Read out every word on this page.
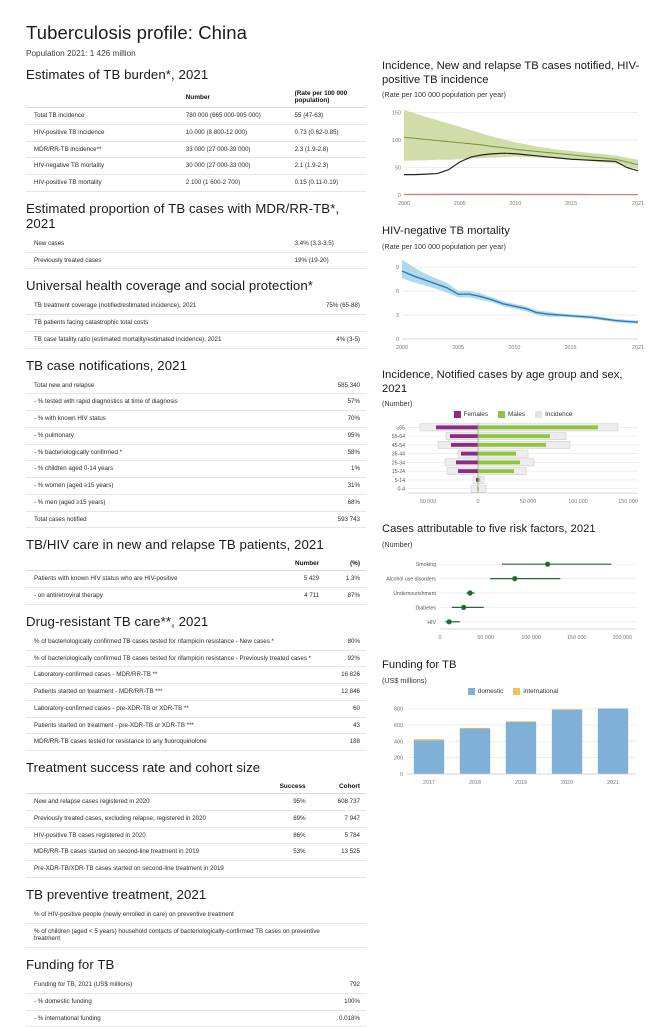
Tuberculosis profile: China
Population 2021: 1 426 million
Estimates of TB burden*, 2021
	Number	(Rate per 100 000 population)
Total TB incidence	780 000 (665 000-905 000)	55 (47-63)
HIV-positive TB incidence	10 000 (8 800-12 000)	0.73 (0.62-0.85)
MDR/RR-TB incidence**	33 000 (27 000-39 000)	2.3 (1.9-2.8)
HIV-negative TB mortality	30 000 (27 000-33 000)	2.1 (1.9-2.3)
HIV-positive TB mortality	2 100 (1 600-2 700)	0.15 (0.11-0.19)
Estimated proportion of TB cases with MDR/RR-TB*, 2021
New cases	3.4% (3.3-3.5)
Previously treated cases	19% (19-20)
Universal health coverage and social protection*
TB treatment coverage (notified/estimated incidence), 2021	75% (65-88)
TB patients facing catastrophic total costs	
TB case fatality ratio (estimated mortality/estimated incidence), 2021	4% (3-5)
TB case notifications, 2021
Total new and relapse	585 340
- % tested with rapid diagnostics at time of diagnosis	57%
- % with known HIV status	70%
- % pulmonary	95%
- % bacteriologically confirmed *	58%
- % children aged 0-14 years	1%
- % women (aged ≥15 years)	31%
- % men (aged ≥15 years)	68%
Total cases notified	593 743
TB/HIV care in new and relapse TB patients, 2021
	Number	(%)
Patients with known HIV status who are HIV-positive	5 429	1.3%
- on antiretroviral therapy	4 711	87%
Drug-resistant TB care**, 2021
% of bacteriologically confirmed TB cases tested for rifampicin resistance - New cases *	80%
% of bacteriologically confirmed TB cases tested for rifampicin resistance - Previously treated cases *	92%
Laboratory-confirmed cases - MDR/RR-TB **	16 826
Patients started on treatment - MDR/RR-TB ***	12 846
Laboratory-confirmed cases - pre-XDR-TB or XDR-TB **	60
Patients started on treatment - pre-XDR-TB or XDR-TB ***	43
MDR/RR-TB cases tested for resistance to any fluoroquinolone	188
Treatment success rate and cohort size
	Success	Cohort
New and relapse cases registered in 2020	95%	608 737
Previously treated cases, excluding relapse, registered in 2020	89%	7 947
HIV-positive TB cases registered in 2020	86%	5 784
MDR/RR-TB cases started on second-line treatment in 2019	53%	13 525
Pre-XDR-TB/XDR-TB cases started on second-line treatment in 2019		
TB preventive treatment, 2021
% of HIV-positive people (newly enrolled in care) on preventive treatment	
% of children (aged < 5 years) household contacts of bacteriologically-confirmed TB cases on preventive treatment	
Funding for TB
Funding for TB, 2021 (US$ millions)	792
- % domestic funding	100%
- % international funding	0.018%
Incidence, New and relapse TB cases notified, HIV-positive TB incidence
(Rate per 100 000 population per year)
0
50
100
150
2000	2005	2010	2015	2021
HIV-negative TB mortality
(Rate per 100 000 population per year)
0
3
6
9
2000	2005	2010	2015	2021
Incidence, Notified cases by age group and sex, 2021
(Number)
Females	Males	Incidence
≥65
55-64
45-54
35-44
25-34
15-24
5-14
0-4
50 000	0	50 000	100 000	150 000
Cases attributable to five risk factors, 2021
(Number)
Smoking
Alcohol use disorders
Undernourishment
Diabetes
HIV
0	50 000	100 000	150 000	200 000
Funding for TB
(US$ millions)
domestic	international
0
200
400
600
800
2017	2018	2019	2020	2021
